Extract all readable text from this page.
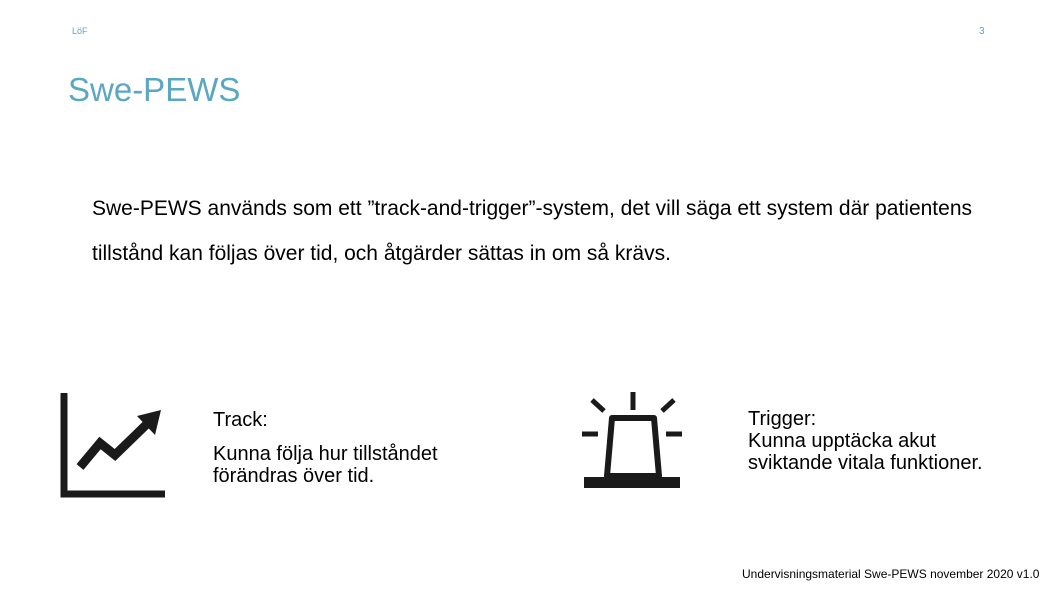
LöF	3
Swe-PEWS

Swe-PEWS används som ett ”track-and-trigger”-system, det vill säga ett system där patientens tillstånd kan följas över tid, och åtgärder sättas in om så krävs.

Track:
Kunna följa hur tillståndet
förändras över tid.
Trigger:
Kunna upptäcka akut
sviktande vitala funktioner.
Undervisningsmaterial Swe-PEWS november 2020 v1.0
